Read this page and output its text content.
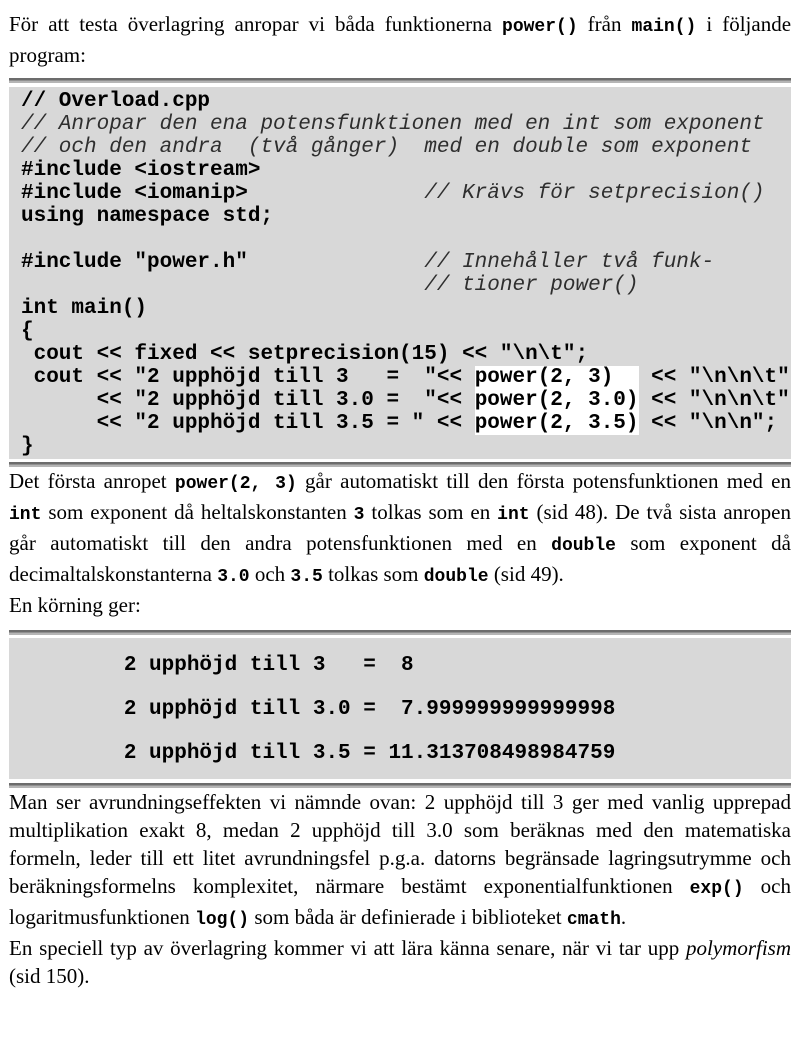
För att testa överlagring anropar vi båda funktionerna power() från main() i följande program:

// Overload.cpp
// Anropar den ena potensfunktionen med en int som exponent
// och den andra  (två gånger)  med en double som exponent
#include <iostream>
#include <iomanip>              // Krävs för setprecision()
using namespace std;
#include "power.h"              // Innehåller två funk-
// tioner power()
int main()
{
cout << fixed << setprecision(15) << "\n\t";
cout << "2 upphöjd till 3   =  "<< power(2, 3)   << "\n\n\t"
<< "2 upphöjd till 3.0 =  "<< power(2, 3.0) << "\n\n\t"
<< "2 upphöjd till 3.5 = " << power(2, 3.5) << "\n\n";
}

Det första anropet power(2, 3) går automatiskt till den första potensfunktionen med en int som exponent då heltalskonstanten 3 tolkas som en int (sid 48). De två sista anropen går automatiskt till den andra potensfunktionen med en double som exponent då decimaltalskonstanterna 3.0 och 3.5 tolkas som double (sid 49).

En körning ger:

2 upphöjd till 3   =  8
2 upphöjd till 3.0 =  7.999999999999998
2 upphöjd till 3.5 = 11.313708498984759

Man ser avrundningseffekten vi nämnde ovan: 2 upphöjd till 3 ger med vanlig upprepad multiplikation exakt 8, medan 2 upphöjd till 3.0 som beräknas med den matematiska formeln, leder till ett litet avrundningsfel p.g.a. datorns begränsade lagringsutrymme och beräkningsformelns komplexitet, närmare bestämt exponentialfunktionen exp() och logaritmusfunktionen log() som båda är definierade i biblioteket cmath.

En speciell typ av överlagring kommer vi att lära känna senare, när vi tar upp polymorfism (sid 150).
